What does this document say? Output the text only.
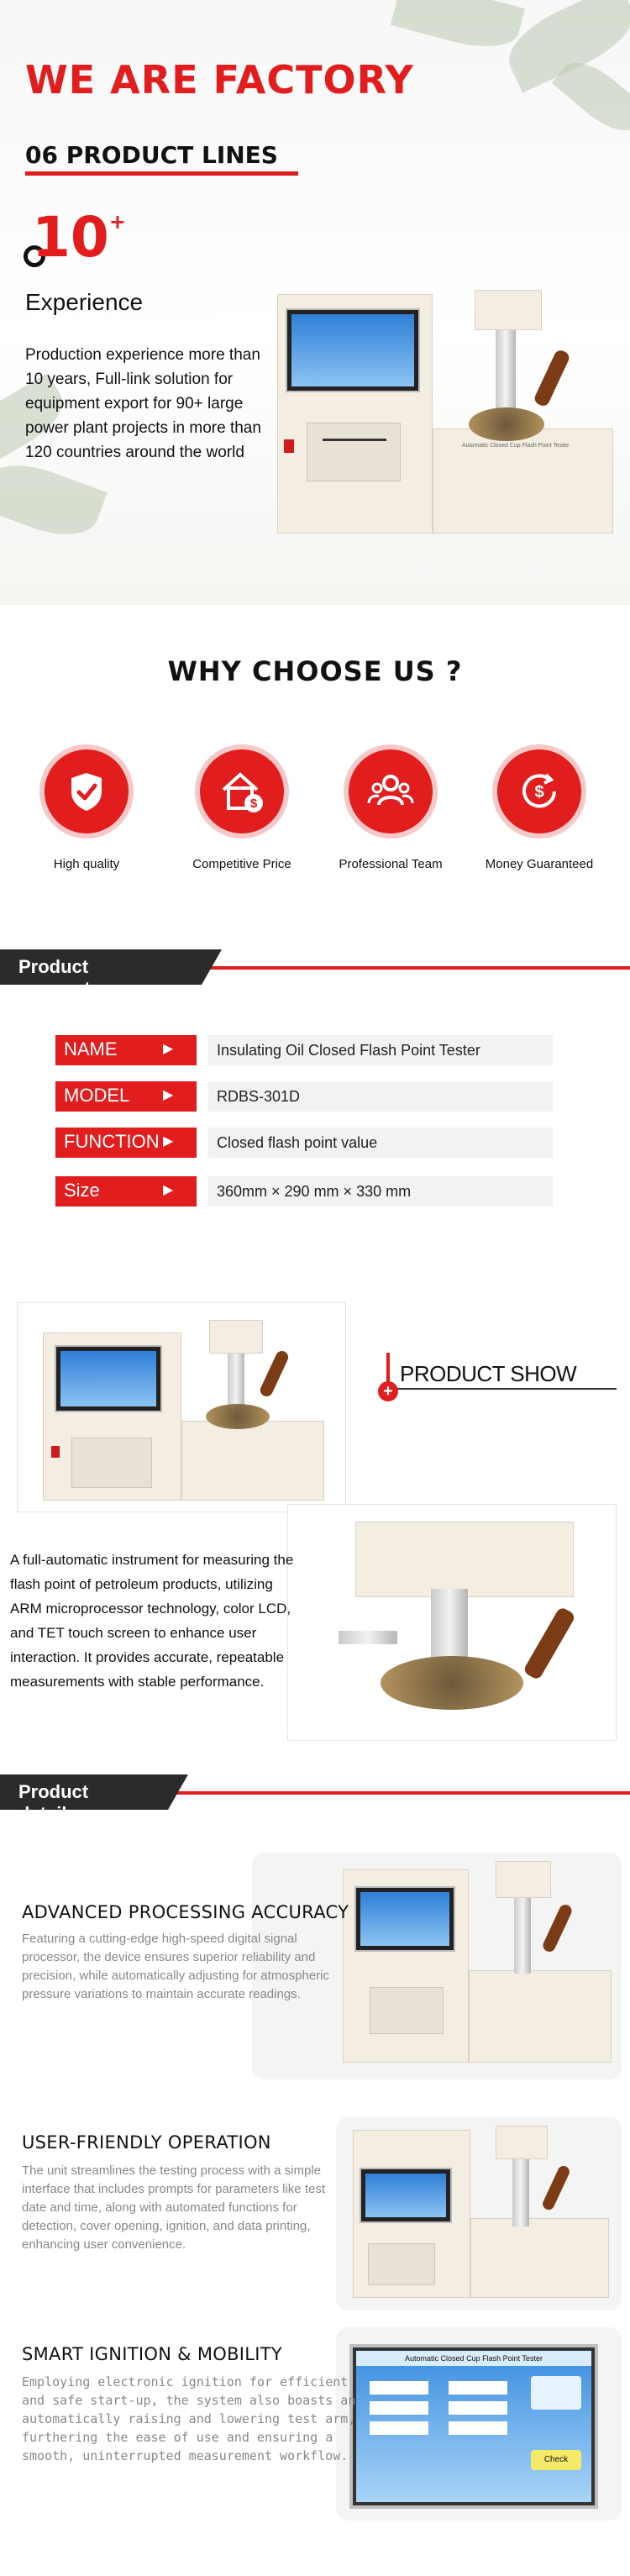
WE ARE FACTORY
06 PRODUCT LINES
10+
Experience
Production experience more than 10 years, Full-link solution for equipment export for 90+ large power plant projects in more than 120 countries around the world	Automatic Closed Cup Flash Point Tester
WHY CHOOSE US ?
High quality
$
Competitive Price	Professional Team
$
Money Guaranteed
Product parameters
NAME	▶	Insulating Oil Closed Flash Point Tester
MODEL	▶	RDBS-301D
FUNCTION ▶	Closed flash point value
Size	▶	360mm × 290 mm × 330 mm
PRODUCT SHOW
+
A full-automatic instrument for measuring the flash point of petroleum products, utilizing ARM microprocessor technology, color LCD, and TET touch screen to enhance user interaction. It provides accurate, repeatable measurements with stable performance.
Product details
ADVANCED PROCESSING ACCURACY
Featuring a cutting-edge high-speed digital signal processor, the device ensures superior reliability and precision, while automatically adjusting for atmospheric pressure variations to maintain accurate readings.
USER-FRIENDLY OPERATION
The unit streamlines the testing process with a simple interface that includes prompts for parameters like test date and time, along with automated functions for detection, cover opening, ignition, and data printing, enhancing user convenience.
Automatic Closed Cup Flash Point Tester
Check
SMART IGNITION & MOBILITY
Employing electronic ignition for efficient and safe start-up, the system also boasts an automatically raising and lowering test arm, furthering the ease of use and ensuring a smooth, uninterrupted measurement workflow.
